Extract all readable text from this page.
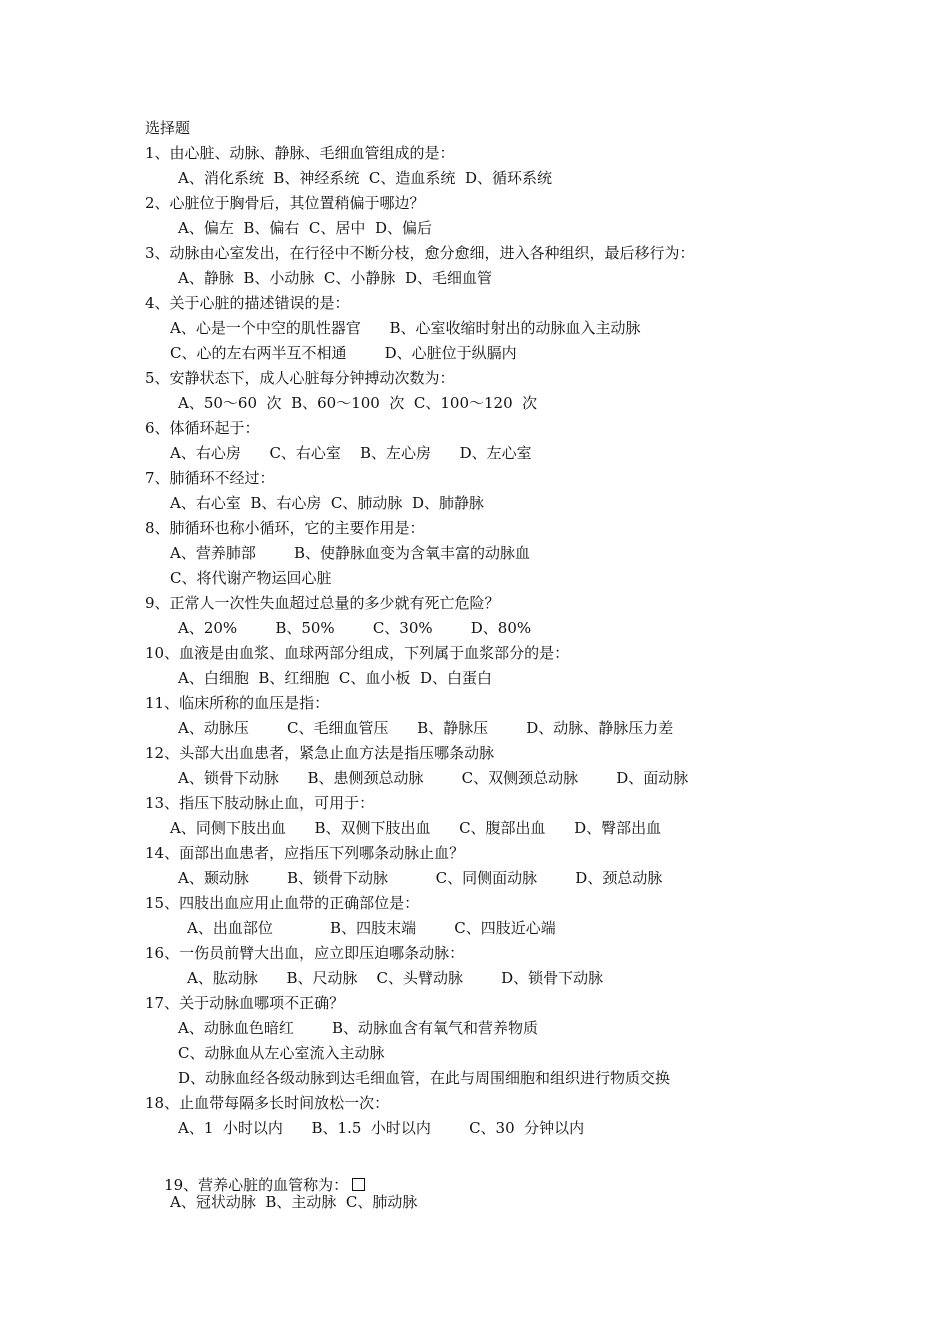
选择题
1、由心脏、动脉、静脉、毛细血管组成的是：
A、消化系统  B、神经系统  C、造血系统  D、循环系统
2、心脏位于胸骨后，其位置稍偏于哪边？
A、偏左  B、偏右  C、居中  D、偏后
3、动脉由心室发出，在行径中不断分枝，愈分愈细，进入各种组织，最后移行为：
A、静脉  B、小动脉  C、小静脉  D、毛细血管
4、关于心脏的描述错误的是：
A、心是一个中空的肌性器官      B、心室收缩时射出的动脉血入主动脉
C、心的左右两半互不相通        D、心脏位于纵膈内
5、安静状态下，成人心脏每分钟搏动次数为：
A、50～60  次  B、60～100  次  C、100～120  次
6、体循环起于：
A、右心房      C、右心室    B、左心房      D、左心室
7、肺循环不经过：
A、右心室  B、右心房  C、肺动脉  D、肺静脉
8、肺循环也称小循环，它的主要作用是：
A、营养肺部        B、使静脉血变为含氧丰富的动脉血
C、将代谢产物运回心脏
9、正常人一次性失血超过总量的多少就有死亡危险？
A、20%        B、50%        C、30%        D、80%
10、血液是由血浆、血球两部分组成，下列属于血浆部分的是：
A、白细胞  B、红细胞  C、血小板  D、白蛋白
11、临床所称的血压是指：
A、动脉压        C、毛细血管压      B、静脉压        D、动脉、静脉压力差
12、头部大出血患者，紧急止血方法是指压哪条动脉
A、锁骨下动脉      B、患侧颈总动脉        C、双侧颈总动脉        D、面动脉
13、指压下肢动脉止血，可用于：
A、同侧下肢出血      B、双侧下肢出血      C、腹部出血      D、臀部出血
14、面部出血患者，应指压下列哪条动脉止血？
A、颞动脉        B、锁骨下动脉          C、同侧面动脉        D、颈总动脉
15、四肢出血应用止血带的正确部位是：
A、出血部位            B、四肢末端        C、四肢近心端
16、一伤员前臂大出血，应立即压迫哪条动脉：
A、肱动脉      B、尺动脉    C、头臂动脉        D、锁骨下动脉
17、关于动脉血哪项不正确？
A、动脉血色暗红        B、动脉血含有氧气和营养物质
C、动脉血从左心室流入主动脉
D、动脉血经各级动脉到达毛细血管，在此与周围细胞和组织进行物质交换
18、止血带每隔多长时间放松一次：
A、1  小时以内      B、1.5  小时以内        C、30  分钟以内

19、营养心脏的血管称为：

A、冠状动脉  B、主动脉  C、肺动脉
